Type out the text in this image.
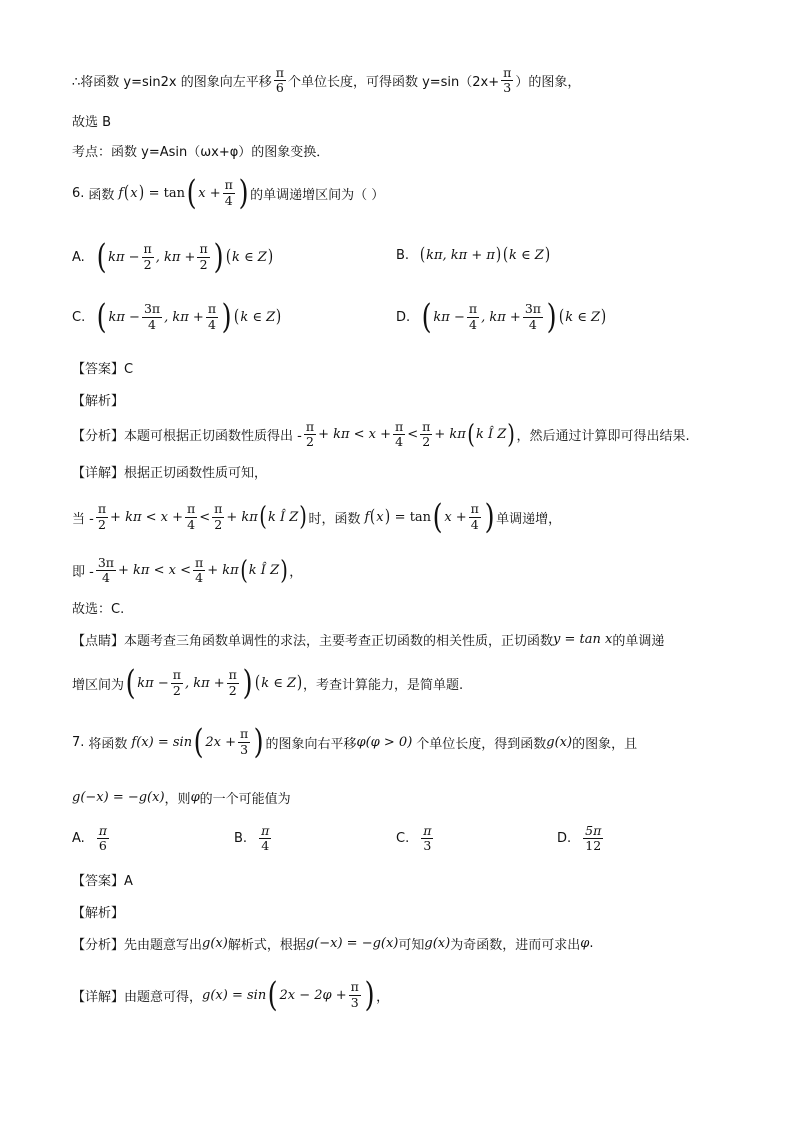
∴将函数 y=sin2x 的图象向左平移 $\frac{\pi}{6}$ 个单位长度，可得函数 $y=\sin(2x+ \frac{\pi}{3}$ ）的图象，
故选 B
考点：函数 y=Asin（ωx+φ）的图象变换．
6. 函数 f ( x ) = tan ( $x + \frac{\pi}{4}$ ) 的单调递增区间为（ ）
A. ( $k\pi - \frac{\pi}{2}$ , $k\pi + \frac{\pi}{2}$ ) ( k ∈ Z )	B. ( kπ, kπ + π ) ( k ∈ Z )
C. ( $k\pi - \frac{3\pi}{4}$ , $k\pi + \frac{\pi}{4}$ ) ( k ∈ Z )	D. ( $k\pi - \frac{\pi}{4}$ , $k\pi + \frac{3\pi}{4}$ ) ( k ∈ Z )
【答案】C
【解析】
【分析】 本题可根据正切函数性质得出 - $\frac{\pi}{2} + k\pi < x + \frac{\pi}{4} < \frac{\pi}{2} + k\pi$ ( k Î Z ) ，然后通过计算即可得出结果.
【详解】根据正切函数性质可知，
当 - $\frac{\pi}{2} + k\pi < x + \frac{\pi}{4} < \frac{\pi}{2} + k\pi$ ( k Î Z ) 时，函数 f ( x ) = tan ( $x + \frac{\pi}{4}$ ) 单调递增，
即 - $\frac{3\pi}{4} + k\pi < x < \frac{\pi}{4} + k\pi$ ( k Î Z ) ，
故选：C.
【点睛】 本题考查三角函数单调性的求法，主要考查正切函数的相关性质，正切函数 y = tan x 的单调递
增区间为 ( $k\pi - \frac{\pi}{2}$ , $k\pi + \frac{\pi}{2}$ ) ( k ∈ Z ) ，考查计算能力，是简单题.
7. 将函数 f(x) = sin ( $2x + \frac{\pi}{3}$ ) 的图象向右平移 φ(φ > 0) 个单位长度，得到函数 g(x) 的图象，且
g(−x) = −g(x) ，则 φ 的一个可能值为
A. $\frac{\pi}{6}$	B. $\frac{\pi}{4}$	C. $\frac{\pi}{3}$	D. $\frac{5\pi}{12}$
【答案】A
【解析】
【分析】 先由题意写出 g(x) 解析式，根据 g(−x) = −g(x) 可知 g(x) 为奇函数，进而可求出 φ .
【详解】 由题意可得， g(x) = sin ( $2x - 2\varphi + \frac{\pi}{3}$ ) ，
